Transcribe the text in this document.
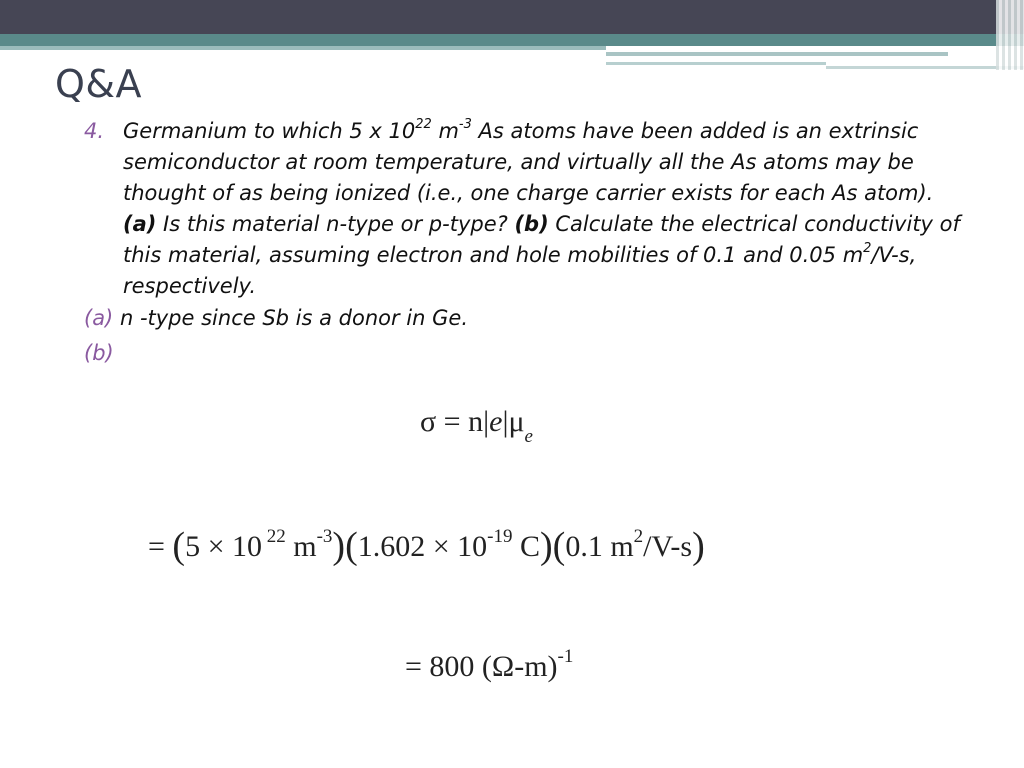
Q&A
4. Germanium to which 5 x $10^{22}$ $m^{-3}$ As atoms have been added is an extrinsic semiconductor at room temperature, and virtually all the As atoms may be thought of as being ionized (i.e., one charge carrier exists for each As atom). (a) Is this material n-type or p-type? (b) Calculate the electrical conductivity of this material, assuming electron and hole mobilities of 0.1 and 0.05 $m^2/V-s$, respectively.
(a) n -type since Sb is a donor in Ge.
(b)
$\sigma = n|e|\mu_e$
= (5 × 10 $^{22}$ $m^{-3})(1.602 \times 10^{-19}$ C)(0.1 $m^2/V-s$)
= 800 $(\Omega-m)^{-1}$
